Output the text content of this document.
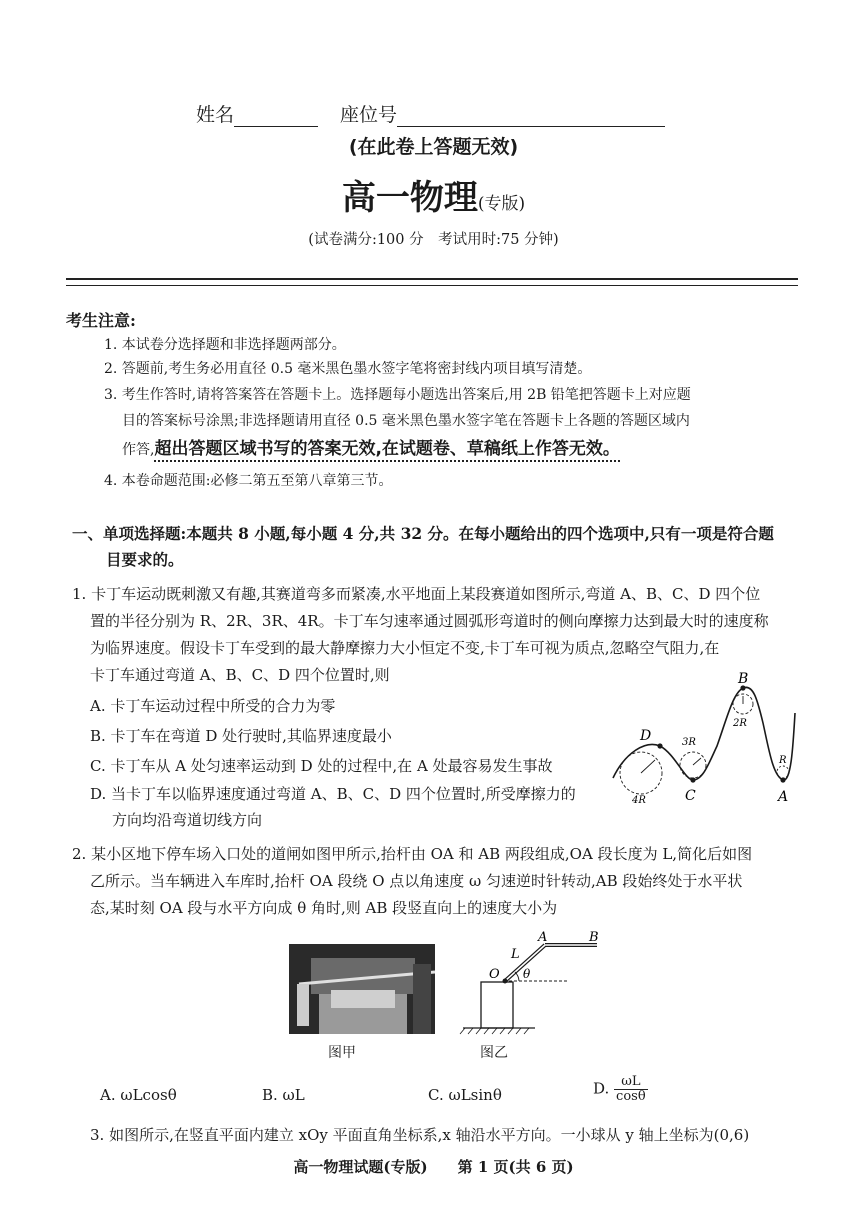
姓名	座位号
(在此卷上答题无效)
高一物理(专版)
(试卷满分:100 分　考试用时:75 分钟)
考生注意:
1. 本试卷分选择题和非选择题两部分。
2. 答题前,考生务必用直径 0.5 毫米黑色墨水签字笔将密封线内项目填写清楚。
3. 考生作答时,请将答案答在答题卡上。选择题每小题选出答案后,用 2B 铅笔把答题卡上对应题
目的答案标号涂黑;非选择题请用直径 0.5 毫米黑色墨水签字笔在答题卡上各题的答题区域内
作答,超出答题区域书写的答案无效,在试题卷、草稿纸上作答无效。
4. 本卷命题范围:必修二第五至第八章第三节。
一、单项选择题:本题共 8 小题,每小题 4 分,共 32 分。在每小题给出的四个选项中,只有一项是符合题
目要求的。
1. 卡丁车运动既刺激又有趣,其赛道弯多而紧凑,水平地面上某段赛道如图所示,弯道 A、B、C、D 四个位
置的半径分别为 R、2R、3R、4R。卡丁车匀速率通过圆弧形弯道时的侧向摩擦力达到最大时的速度称
为临界速度。假设卡丁车受到的最大静摩擦力大小恒定不变,卡丁车可视为质点,忽略空气阻力,在
卡丁车通过弯道 A、B、C、D 四个位置时,则
A. 卡丁车运动过程中所受的合力为零
B. 卡丁车在弯道 D 处行驶时,其临界速度最小
C. 卡丁车从 A 处匀速率运动到 D 处的过程中,在 A 处最容易发生事故
D. 当卡丁车以临界速度通过弯道 A、B、C、D 四个位置时,所受摩擦力的
方向均沿弯道切线方向
D
C
B
A
4R
3R
2R
R
2. 某小区地下停车场入口处的道闸如图甲所示,抬杆由 OA 和 AB 两段组成,OA 段长度为 L,简化后如图
乙所示。当车辆进入车库时,抬杆 OA 段绕 O 点以角速度 ω 匀速逆时针转动,AB 段始终处于水平状
态,某时刻 OA 段与水平方向成 θ 角时,则 AB 段竖直向上的速度大小为
图甲
O
A	B
L
θ
图乙
A. ωLcosθ	B. ωL	C. ωLsinθ	D. $\frac{\omega L}{\cos\theta}$
3. 如图所示,在竖直平面内建立 xOy 平面直角坐标系,x 轴沿水平方向。一小球从 y 轴上坐标为(0,6)
高一物理试题(专版)　　第 1 页(共 6 页)
